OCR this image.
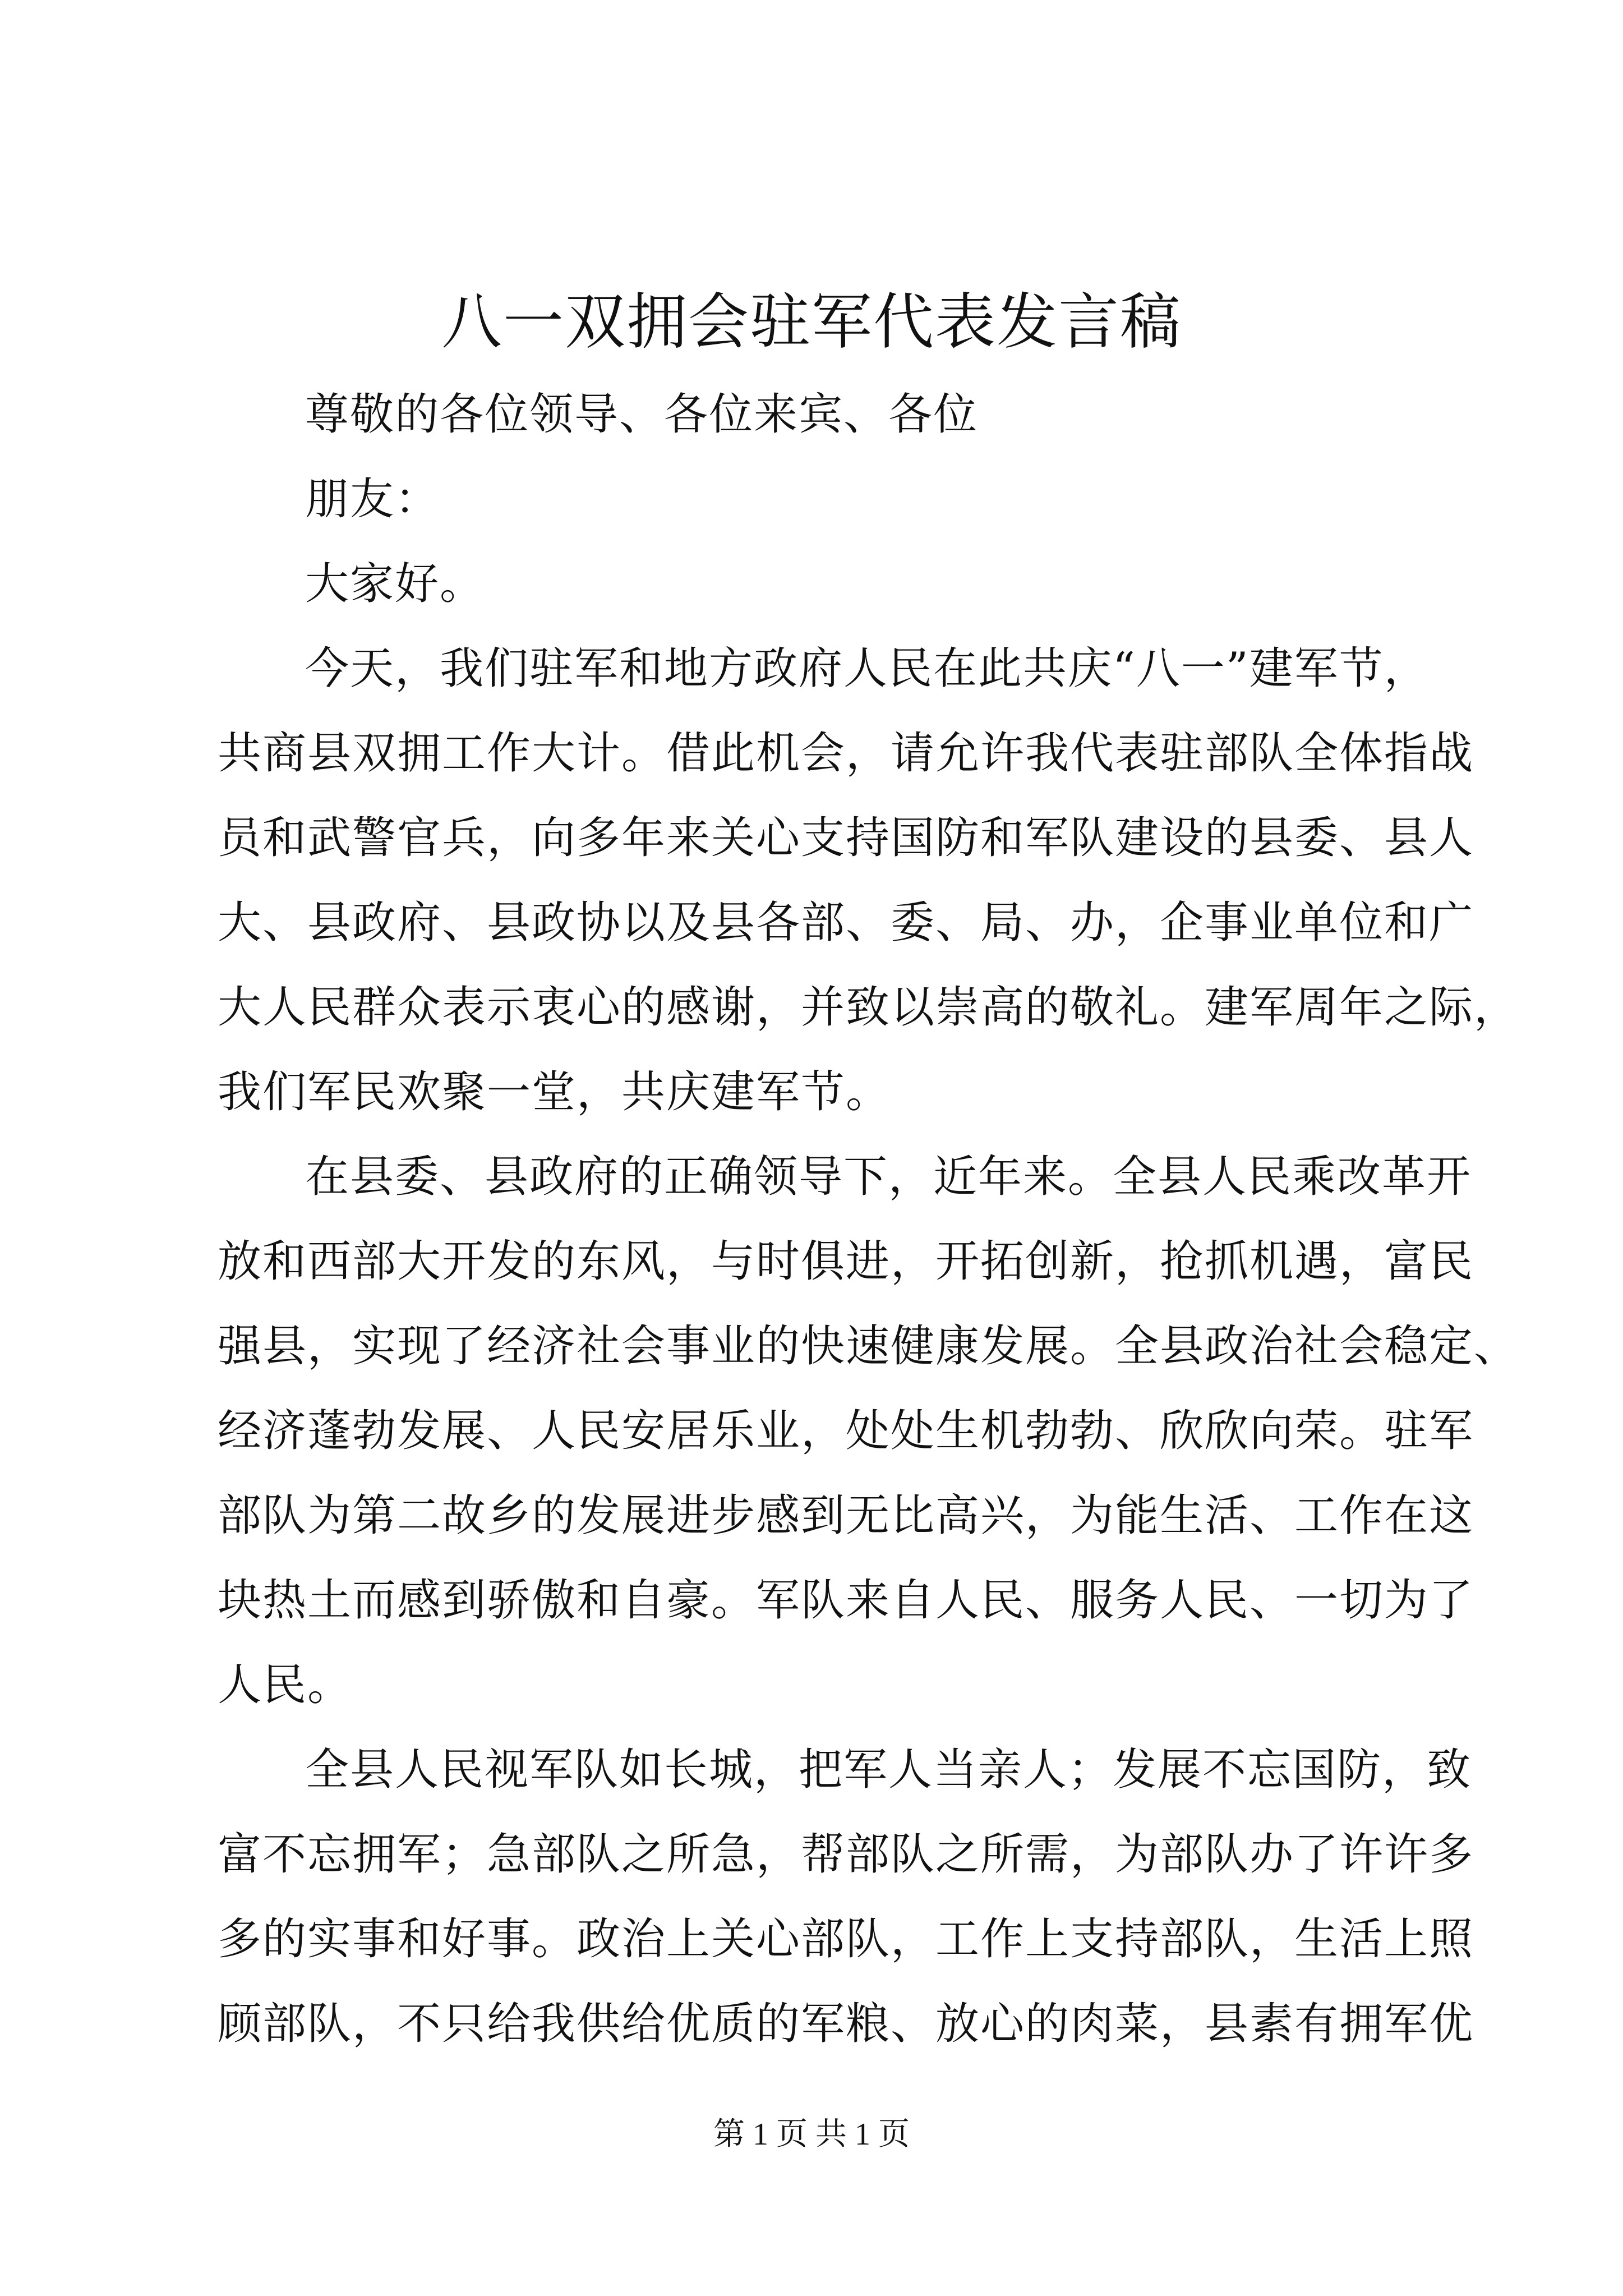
八一双拥会驻军代表发言稿
尊敬的各位领导、各位来宾、各位
朋友：
大家好。
今天，我们驻军和地方政府人民在此共庆“八一”建军节，
共商县双拥工作大计。借此机会，请允许我代表驻部队全体指战
员和武警官兵，向多年来关心支持国防和军队建设的县委、县人
大、县政府、县政协以及县各部、委、局、办，企事业单位和广
大人民群众表示衷心的感谢，并致以崇高的敬礼。建军周年之际，
我们军民欢聚一堂，共庆建军节。
在县委、县政府的正确领导下，近年来。全县人民乘改革开
放和西部大开发的东风，与时俱进，开拓创新，抢抓机遇，富民
强县，实现了经济社会事业的快速健康发展。全县政治社会稳定、
经济蓬勃发展、人民安居乐业，处处生机勃勃、欣欣向荣。驻军
部队为第二故乡的发展进步感到无比高兴，为能生活、工作在这
块热土而感到骄傲和自豪。军队来自人民、服务人民、一切为了
人民。
全县人民视军队如长城，把军人当亲人；发展不忘国防，致
富不忘拥军；急部队之所急，帮部队之所需，为部队办了许许多
多的实事和好事。政治上关心部队，工作上支持部队，生活上照
顾部队，不只给我供给优质的军粮、放心的肉菜，县素有拥军优
第 1 页 共 1 页
